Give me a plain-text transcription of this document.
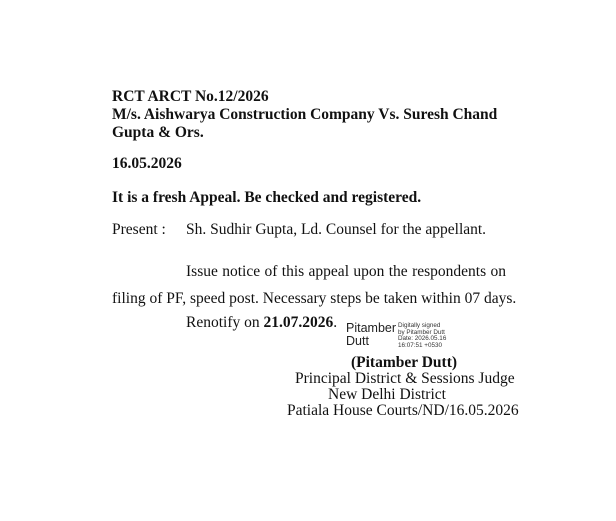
RCT ARCT No.12/2026
M/s. Aishwarya Construction Company Vs. Suresh Chand Gupta & Ors.
16.05.2026
It is a fresh Appeal. Be checked and registered.
Present : Sh. Sudhir Gupta, Ld. Counsel for the appellant.
Issue notice of this appeal upon the respondents on
filing of PF, speed post. Necessary steps be taken within 07 days.
Renotify on 21.07.2026. Pitamber
Dutt
Digitally signed
by Pitamber Dutt
Date: 2026.05.16
16:07:51 +0530
(Pitamber Dutt)
Principal District & Sessions Judge
New Delhi District
Patiala House Courts/ND/16.05.2026
